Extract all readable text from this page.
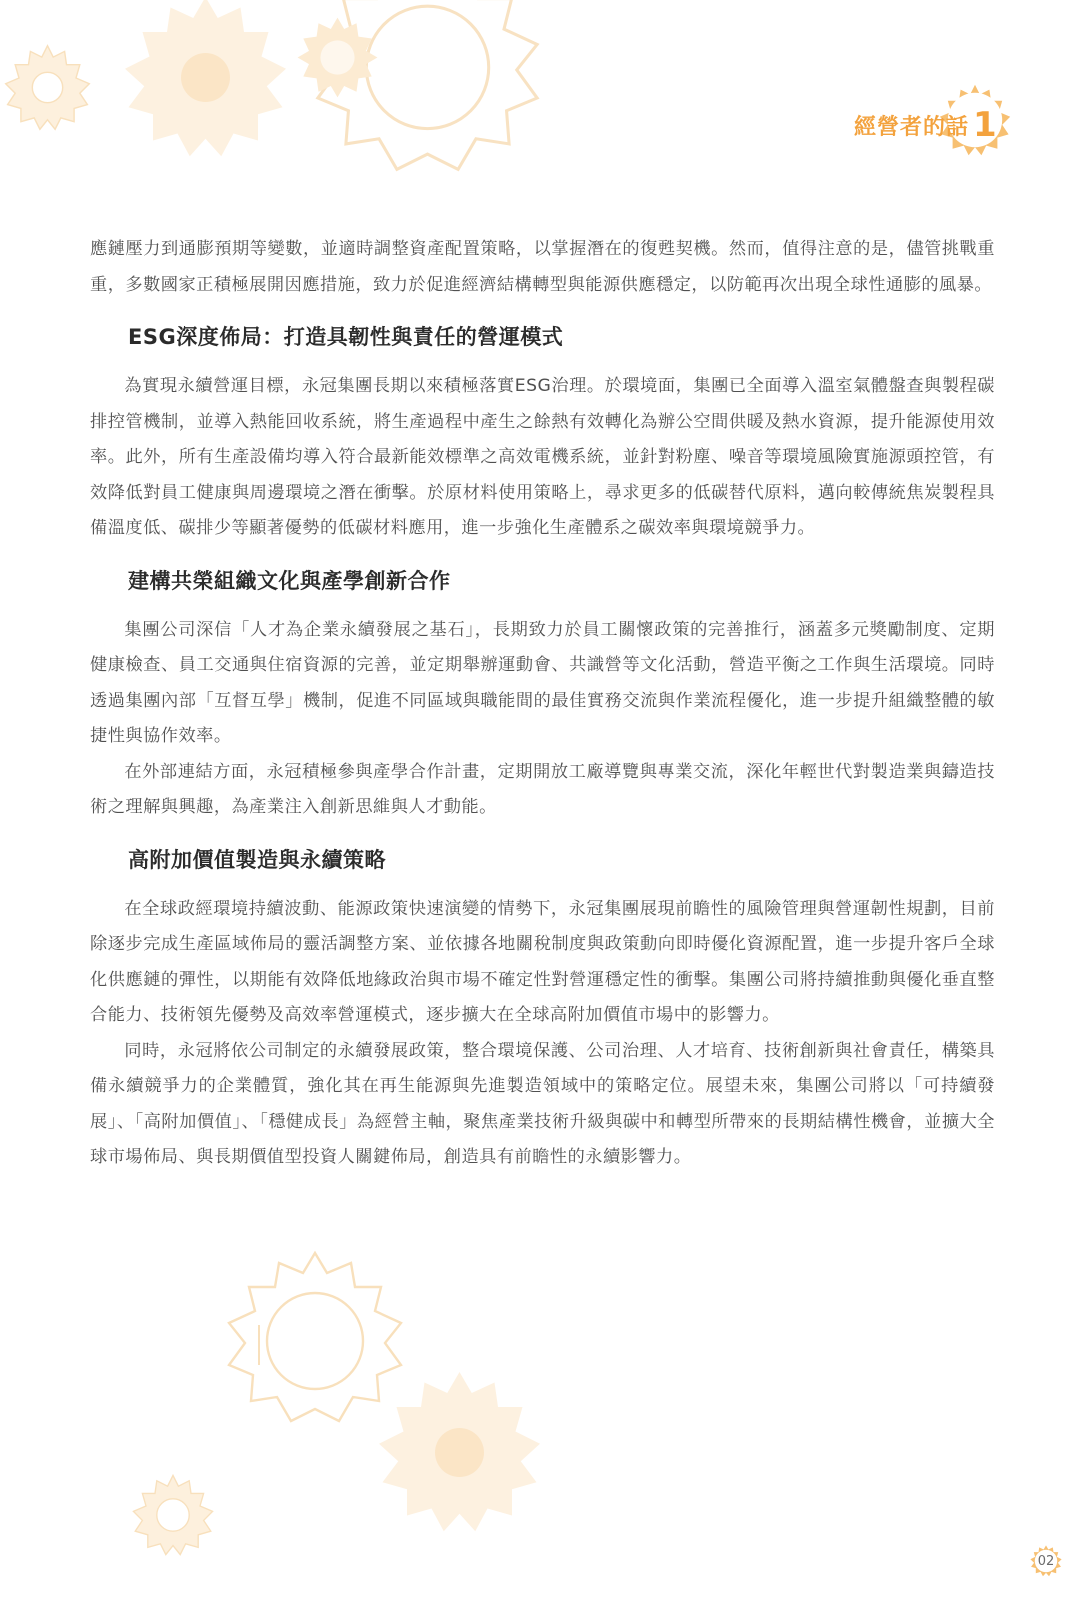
經營者的話 1

應鏈壓力到通膨預期等變數，並適時調整資產配置策略，以掌握潛在的復甦契機。然而，值得注意的是，儘管挑戰重重，多數國家正積極展開因應措施，致力於促進經濟結構轉型與能源供應穩定，以防範再次出現全球性通膨的風暴。

ESG深度佈局：打造具韌性與責任的營運模式

為實現永續營運目標，永冠集團長期以來積極落實ESG治理。於環境面，集團已全面導入溫室氣體盤查與製程碳排控管機制，並導入熱能回收系統，將生產過程中產生之餘熱有效轉化為辦公空間供暖及熱水資源，提升能源使用效率。此外，所有生產設備均導入符合最新能效標準之高效電機系統，並針對粉塵、噪音等環境風險實施源頭控管，有效降低對員工健康與周邊環境之潛在衝擊。於原材料使用策略上，尋求更多的低碳替代原料，邁向較傳統焦炭製程具備溫度低、碳排少等顯著優勢的低碳材料應用，進一步強化生產體系之碳效率與環境競爭力。

建構共榮組織文化與產學創新合作

集團公司深信「人才為企業永續發展之基石」，長期致力於員工關懷政策的完善推行，涵蓋多元獎勵制度、定期健康檢查、員工交通與住宿資源的完善，並定期舉辦運動會、共識營等文化活動，營造平衡之工作與生活環境。同時透過集團內部「互督互學」機制，促進不同區域與職能間的最佳實務交流與作業流程優化，進一步提升組織整體的敏捷性與協作效率。

在外部連結方面，永冠積極參與產學合作計畫，定期開放工廠導覽與專業交流，深化年輕世代對製造業與鑄造技術之理解與興趣，為產業注入創新思維與人才動能。

高附加價值製造與永續策略

在全球政經環境持續波動、能源政策快速演變的情勢下，永冠集團展現前瞻性的風險管理與營運韌性規劃，目前除逐步完成生產區域佈局的靈活調整方案、並依據各地關稅制度與政策動向即時優化資源配置，進一步提升客戶全球化供應鏈的彈性，以期能有效降低地緣政治與市場不確定性對營運穩定性的衝擊。集團公司將持續推動與優化垂直整合能力、技術領先優勢及高效率營運模式，逐步擴大在全球高附加價值市場中的影響力。

同時，永冠將依公司制定的永續發展政策，整合環境保護、公司治理、人才培育、技術創新與社會責任，構築具備永續競爭力的企業體質，強化其在再生能源與先進製造領域中的策略定位。展望未來，集團公司將以「可持續發展」、「高附加價值」、「穩健成長」為經營主軸，聚焦產業技術升級與碳中和轉型所帶來的長期結構性機會，並擴大全球市場佈局、與長期價值型投資人關鍵佈局，創造具有前瞻性的永續影響力。

02
